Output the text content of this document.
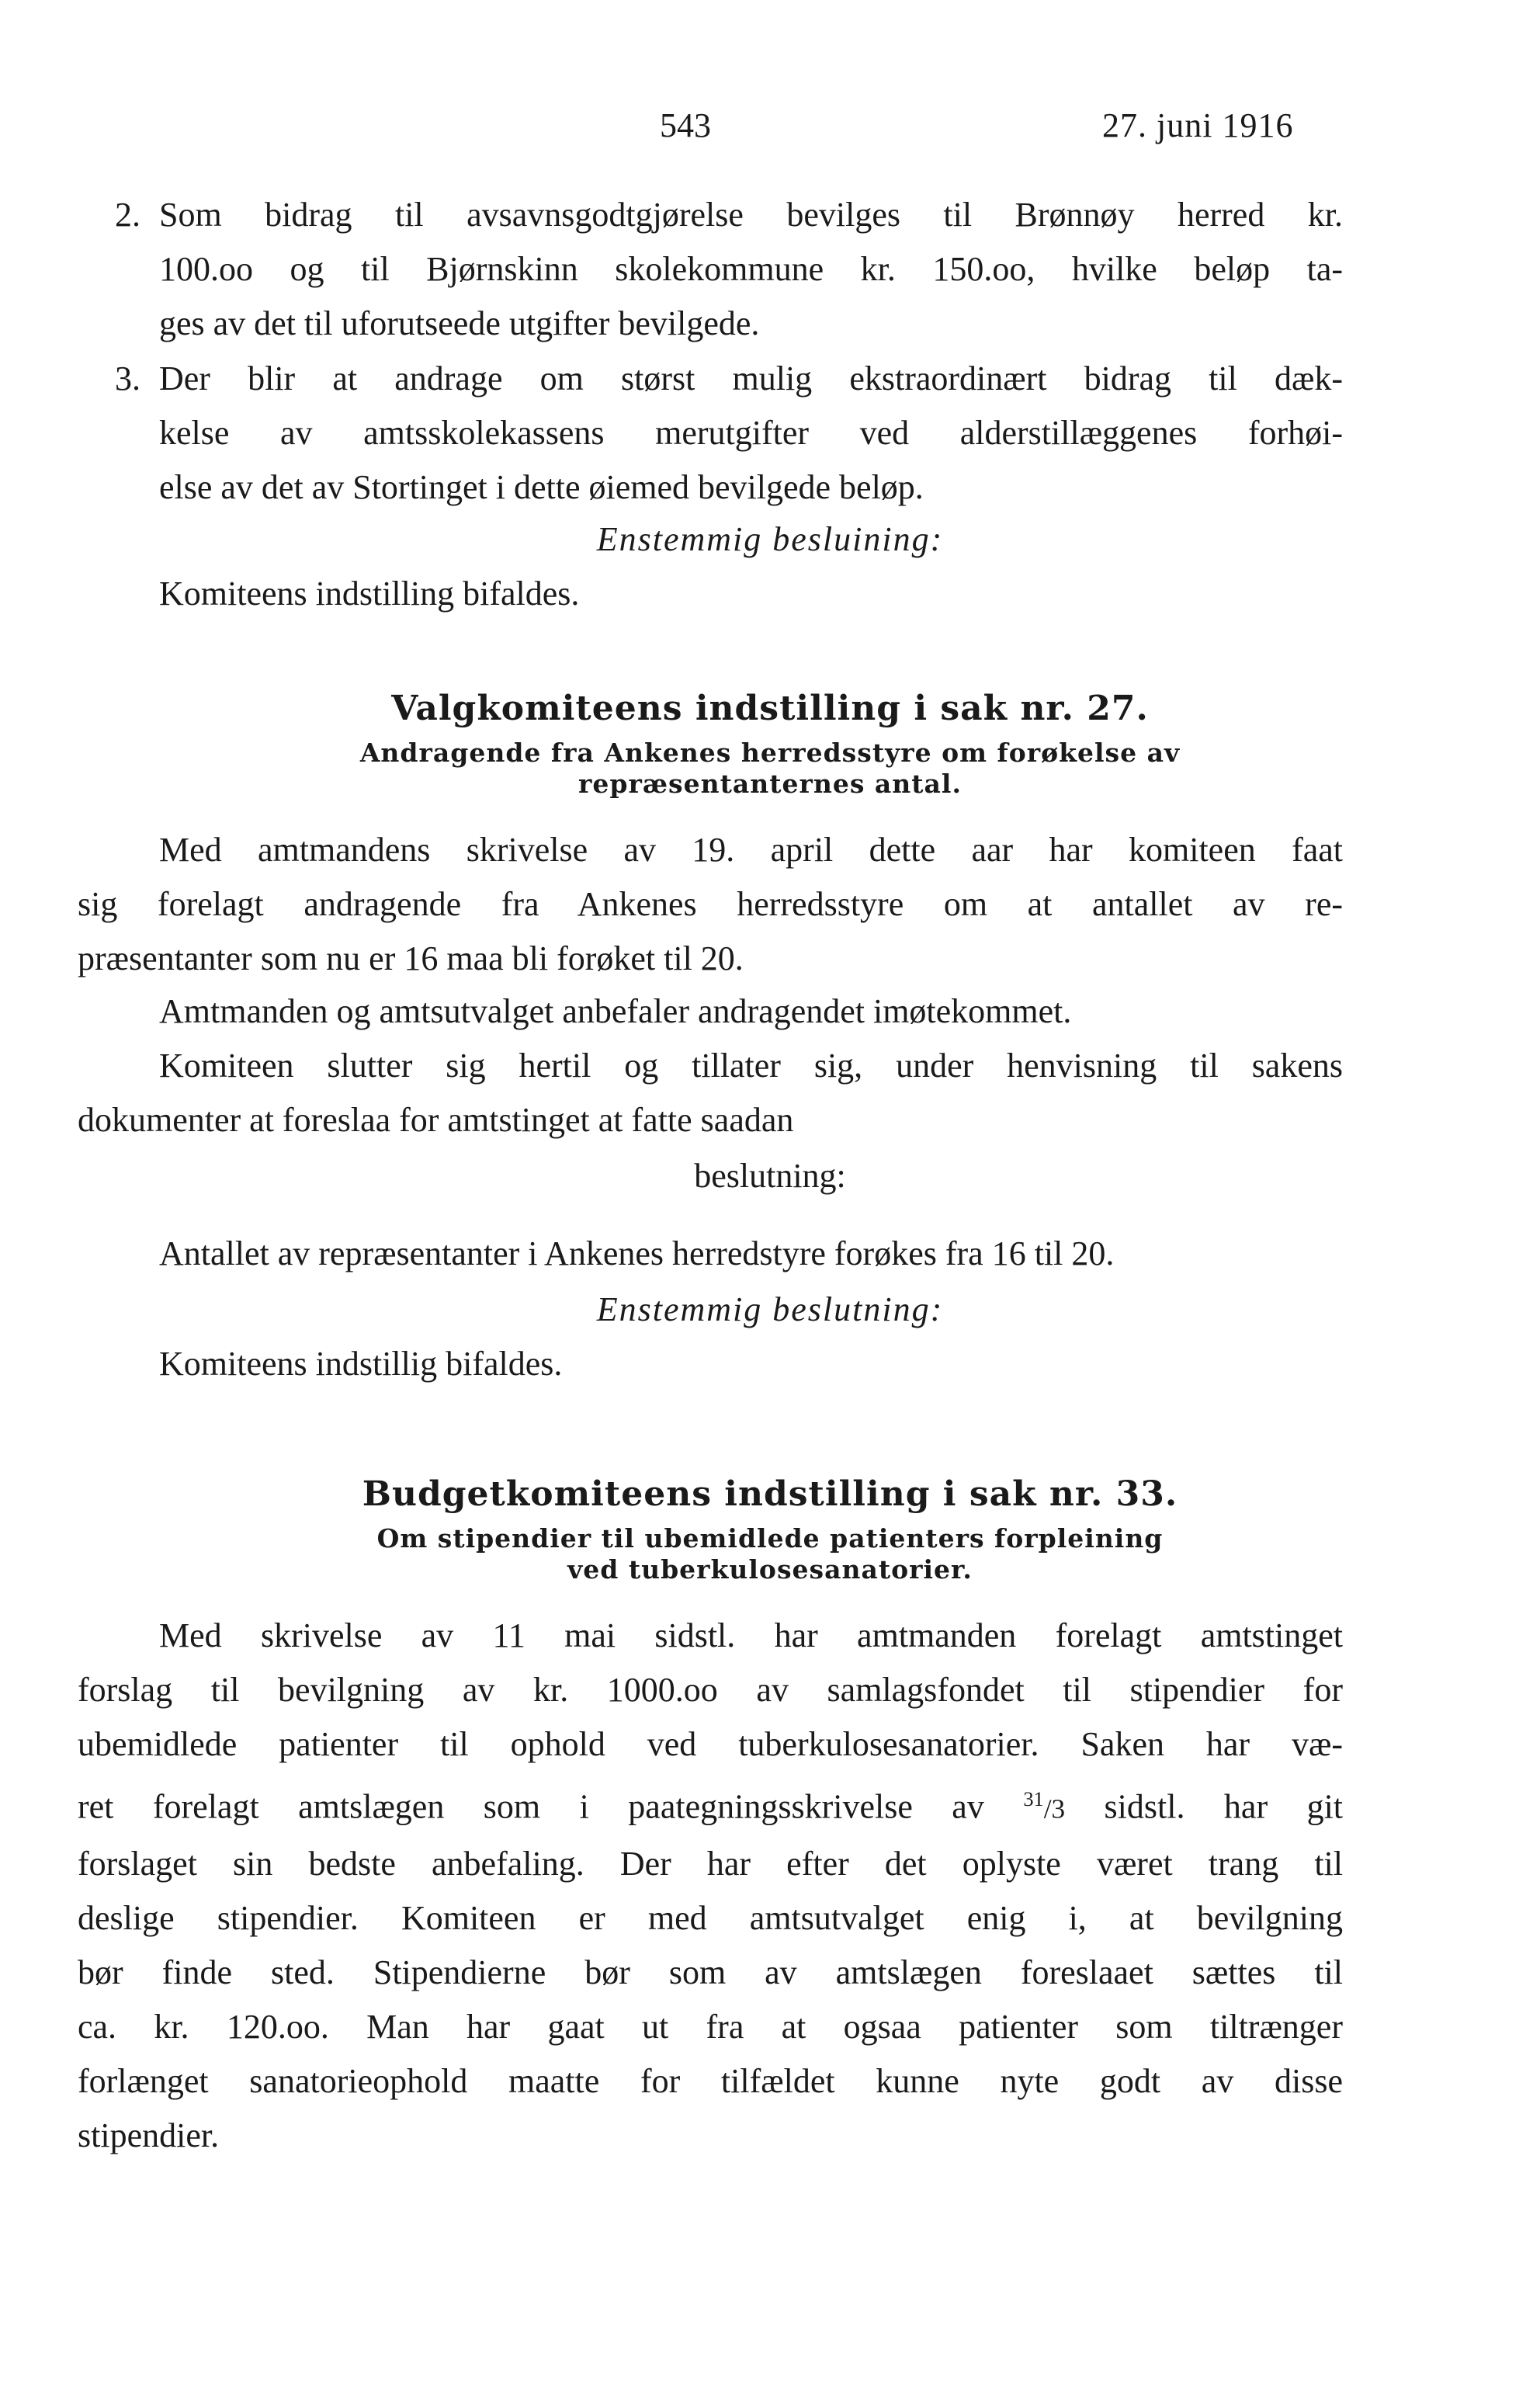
543	27. juni 1916
2. Som bidrag til avsavnsgodtgjørelse bevilges til Brønnøy herred kr.
100.oo og til Bjørnskinn skolekommune kr. 150.oo, hvilke beløp ta-
ges av det til uforutseede utgifter bevilgede.
3. Der blir at andrage om størst mulig ekstraordinært bidrag til dæk-
kelse av amtsskolekassens merutgifter ved alderstillæggenes forhøi-
else av det av Stortinget i dette øiemed bevilgede beløp.
Enstemmig besluining:
Komiteens indstilling bifaldes.
Valgkomiteens indstilling i sak nr. 27.
Andragende fra Ankenes herredsstyre om forøkelse av
repræsentanternes antal.
Med amtmandens skrivelse av 19. april dette aar har komiteen faat
sig forelagt andragende fra Ankenes herredsstyre om at antallet av re-
præsentanter som nu er 16 maa bli forøket til 20.
Amtmanden og amtsutvalget anbefaler andragendet imøtekommet.
Komiteen slutter sig hertil og tillater sig, under henvisning til sakens
dokumenter at foreslaa for amtstinget at fatte saadan
beslutning:
Antallet av repræsentanter i Ankenes herredstyre forøkes fra 16 til 20.
Enstemmig beslutning:
Komiteens indstillig bifaldes.
Budgetkomiteens indstilling i sak nr. 33.
Om stipendier til ubemidlede patienters forpleining
ved tuberkulosesanatorier.
Med skrivelse av 11 mai sidstl. har amtmanden forelagt amtstinget
forslag til bevilgning av kr. 1000.oo av samlagsfondet til stipendier for
ubemidlede patienter til ophold ved tuberkulosesanatorier. Saken har væ-
ret forelagt amtslægen som i paategningsskrivelse av $^{31}$/3 sidstl. har git
forslaget sin bedste anbefaling. Der har efter det oplyste været trang til
deslige stipendier. Komiteen er med amtsutvalget enig i, at bevilgning
bør finde sted. Stipendierne bør som av amtslægen foreslaaet sættes til
ca. kr. 120.oo. Man har gaat ut fra at ogsaa patienter som tiltrænger
forlænget sanatorieophold maatte for tilfældet kunne nyte godt av disse
stipendier.
